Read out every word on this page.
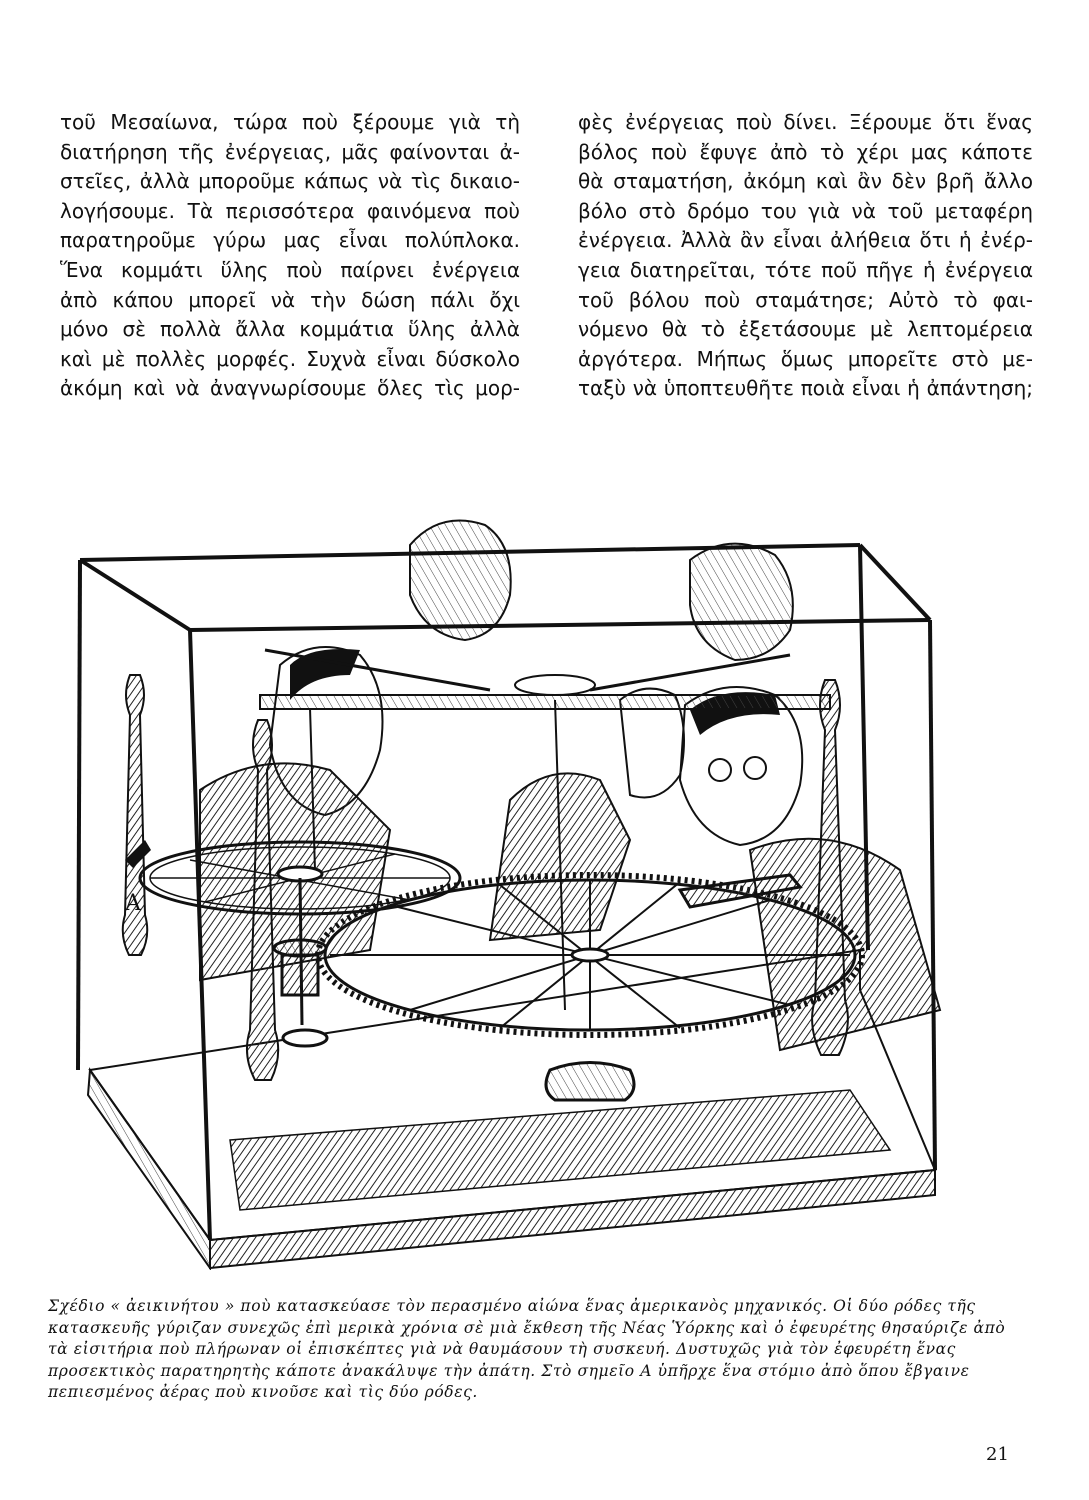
τοῦ Μεσαίωνα, τώρα ποὺ ξέρουμε γιὰ τὴ

διατήρηση τῆς ἐνέργειας, μᾶς φαίνονται ἀ-

στεῖες, ἀλλὰ μποροῦμε κάπως νὰ τὶς δικαιο-

λογήσουμε. Τὰ περισσότερα φαινόμενα ποὺ

παρατηροῦμε γύρω μας εἶναι πολύπλοκα.

Ἕνα κομμάτι ὕλης ποὺ παίρνει ἐνέργεια

ἀπὸ κάπου μπορεῖ νὰ τὴν δώση πάλι ὄχι

μόνο σὲ πολλὰ ἄλλα κομμάτια ὕλης ἀλλὰ

καὶ μὲ πολλὲς μορφές. Συχνὰ εἶναι δύσκολο

ἀκόμη καὶ νὰ ἀναγνωρίσουμε ὅλες τὶς μορ-

φὲς ἐνέργειας ποὺ δίνει. Ξέρουμε ὅτι ἕνας

βόλος ποὺ ἔφυγε ἀπὸ τὸ χέρι μας κάποτε

θὰ σταματήση, ἀκόμη καὶ ἂν δὲν βρῆ ἄλλο

βόλο στὸ δρόμο του γιὰ νὰ τοῦ μεταφέρη

ἐνέργεια. Ἀλλὰ ἂν εἶναι ἀλήθεια ὅτι ἡ ἐνέρ-

γεια διατηρεῖται, τότε ποῦ πῆγε ἡ ἐνέργεια

τοῦ βόλου ποὺ σταμάτησε; Αὐτὸ τὸ φαι-

νόμενο θὰ τὸ ἐξετάσουμε μὲ λεπτομέρεια

ἀργότερα. Μήπως ὅμως μπορεῖτε στὸ με-

ταξὺ νὰ ὑποπτευθῆτε ποιὰ εἶναι ἡ ἀπάντηση;

A

Σχέδιο « ἀεικινήτου » ποὺ κατασκεύασε τὸν περασμένο αἰώνα ἕνας ἀμερικανὸς μηχανικός. Οἱ δύο ρόδες τῆς

κατασκευῆς γύριζαν συνεχῶς ἐπὶ μερικὰ χρόνια σὲ μιὰ ἔκθεση τῆς Νέας Ὑόρκης καὶ ὁ ἐφευρέτης θησαύριζε ἀπὸ

τὰ εἰσιτήρια ποὺ πλήρωναν οἱ ἐπισκέπτες γιὰ νὰ θαυμάσουν τὴ συσκευή. Δυστυχῶς γιὰ τὸν ἐφευρέτη ἕνας

προσεκτικὸς παρατηρητὴς κάποτε ἀνακάλυψε τὴν ἀπάτη. Στὸ σημεῖο Α ὑπῆρχε ἕνα στόμιο ἀπὸ ὅπου ἔβγαινε

πεπιεσμένος ἀέρας ποὺ κινοῦσε καὶ τὶς δύο ρόδες.

21
